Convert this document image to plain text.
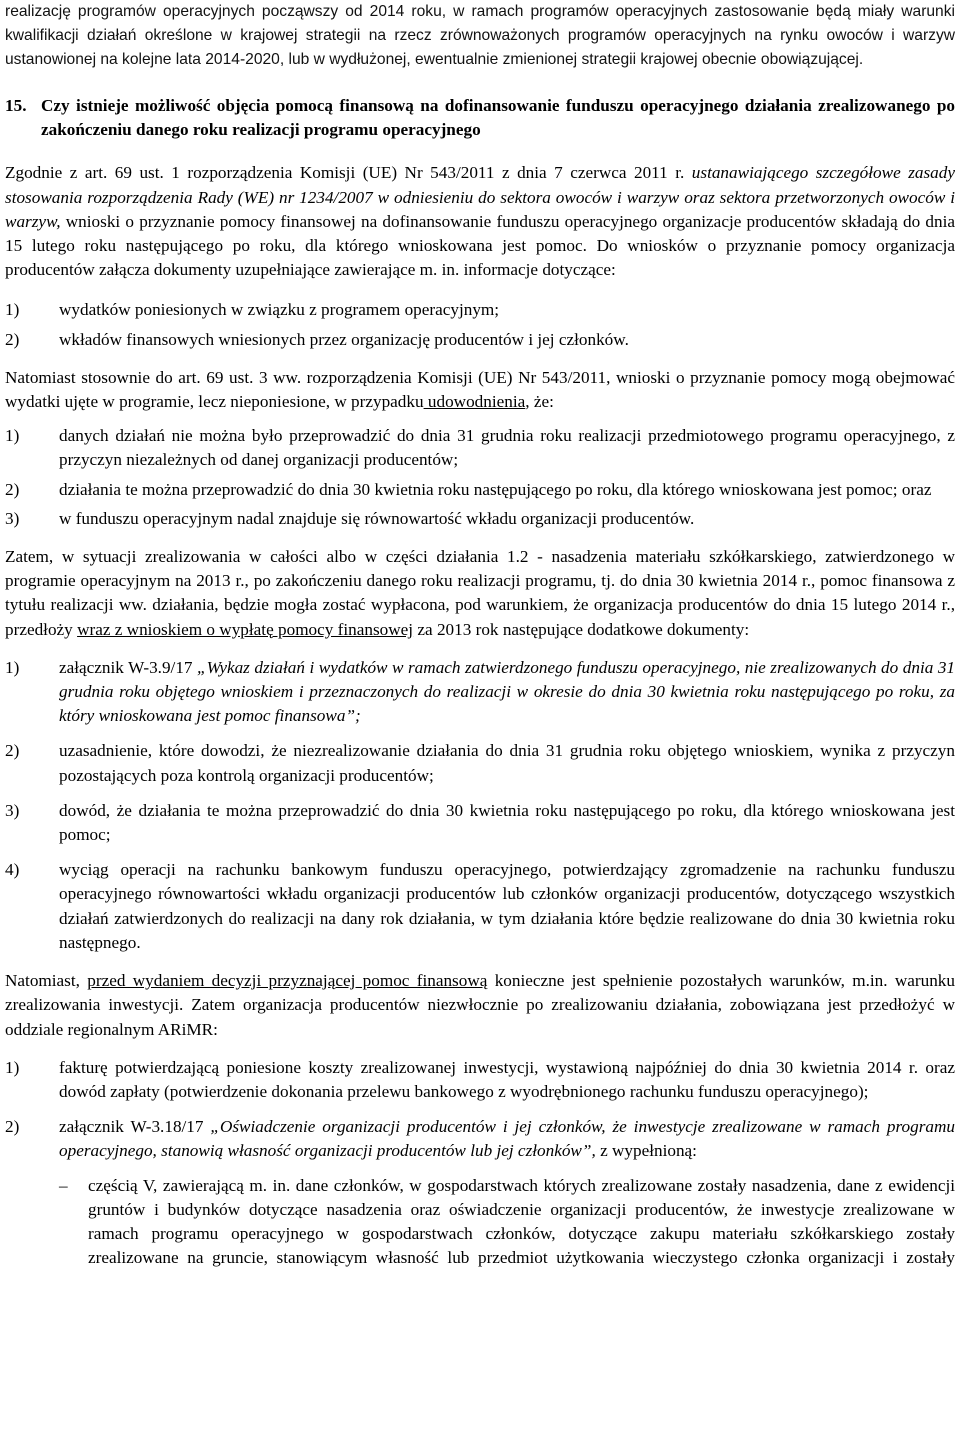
realizację programów operacyjnych począwszy od 2014 roku, w ramach programów operacyjnych zastosowanie będą miały warunki kwalifikacji działań określone w krajowej strategii na rzecz zrównoważonych programów operacyjnych na rynku owoców i warzyw ustanowionej na kolejne lata 2014-2020, lub w wydłużonej, ewentualnie zmienionej strategii krajowej obecnie obowiązującej.

15. Czy istnieje możliwość objęcia pomocą finansową na dofinansowanie funduszu operacyjnego działania zrealizowanego po zakończeniu danego roku realizacji programu operacyjnego

Zgodnie z art. 69 ust. 1 rozporządzenia Komisji (UE) Nr 543/2011 z dnia 7 czerwca 2011 r. ustanawiającego szczegółowe zasady stosowania rozporządzenia Rady (WE) nr 1234/2007 w odniesieniu do sektora owoców i warzyw oraz sektora przetworzonych owoców i warzyw, wnioski o przyznanie pomocy finansowej na dofinansowanie funduszu operacyjnego organizacje producentów składają do dnia 15 lutego roku następującego po roku, dla którego wnioskowana jest pomoc. Do wniosków o przyznanie pomocy organizacja producentów załącza dokumenty uzupełniające zawierające m. in. informacje dotyczące:

1)	wydatków poniesionych w związku z programem operacyjnym;
2)	wkładów finansowych wniesionych przez organizację producentów i jej członków.

Natomiast stosownie do art. 69 ust. 3 ww. rozporządzenia Komisji (UE) Nr 543/2011, wnioski o przyznanie pomocy mogą obejmować wydatki ujęte w programie, lecz nieponiesione, w przypadku udowodnienia, że:

1)	danych działań nie można było przeprowadzić do dnia 31 grudnia roku realizacji przedmiotowego programu operacyjnego, z przyczyn niezależnych od danej organizacji producentów;
2)	działania te można przeprowadzić do dnia 30 kwietnia roku następującego po roku, dla którego wnioskowana jest pomoc; oraz
3)	w funduszu operacyjnym nadal znajduje się równowartość wkładu organizacji producentów.

Zatem, w sytuacji zrealizowania w całości albo w części działania 1.2 - nasadzenia materiału szkółkarskiego, zatwierdzonego w programie operacyjnym na 2013 r., po zakończeniu danego roku realizacji programu, tj. do dnia 30 kwietnia 2014 r., pomoc finansowa z tytułu realizacji ww. działania, będzie mogła zostać wypłacona, pod warunkiem, że organizacja producentów do dnia 15 lutego 2014 r., przedłoży wraz z wnioskiem o wypłatę pomocy finansowej za 2013 rok następujące dodatkowe dokumenty:

1)	załącznik W-3.9/17 „Wykaz działań i wydatków w ramach zatwierdzonego funduszu operacyjnego, nie zrealizowanych do dnia 31 grudnia roku objętego wnioskiem i przeznaczonych do realizacji w okresie do dnia 30 kwietnia roku następującego po roku, za który wnioskowana jest pomoc finansowa”;
2)	uzasadnienie, które dowodzi, że niezrealizowanie działania do dnia 31 grudnia roku objętego wnioskiem, wynika z przyczyn pozostających poza kontrolą organizacji producentów;
3)	dowód, że działania te można przeprowadzić do dnia 30 kwietnia roku następującego po roku, dla którego wnioskowana jest pomoc;
4)	wyciąg operacji na rachunku bankowym funduszu operacyjnego, potwierdzający zgromadzenie na rachunku funduszu operacyjnego równowartości wkładu organizacji producentów lub członków organizacji producentów, dotyczącego wszystkich działań zatwierdzonych do realizacji na dany rok działania, w tym działania które będzie realizowane do dnia 30 kwietnia roku następnego.

Natomiast, przed wydaniem decyzji przyznającej pomoc finansową konieczne jest spełnienie pozostałych warunków, m.in. warunku zrealizowania inwestycji. Zatem organizacja producentów niezwłocznie po zrealizowaniu działania, zobowiązana jest przedłożyć w oddziale regionalnym ARiMR:

1)	fakturę potwierdzającą poniesione koszty zrealizowanej inwestycji, wystawioną najpóźniej do dnia 30 kwietnia 2014 r. oraz dowód zapłaty (potwierdzenie dokonania przelewu bankowego z wyodrębnionego rachunku funduszu operacyjnego);
2)	załącznik W-3.18/17 „Oświadczenie organizacji producentów i jej członków, że inwestycje zrealizowane w ramach programu operacyjnego, stanowią własność organizacji producentów lub jej członków”, z wypełnioną:
–	częścią V, zawierającą m. in. dane członków, w gospodarstwach których zrealizowane zostały nasadzenia, dane z ewidencji gruntów i budynków dotyczące nasadzenia oraz oświadczenie organizacji producentów, że inwestycje zrealizowane w ramach programu operacyjnego w gospodarstwach członków, dotyczące zakupu materiału szkółkarskiego zostały zrealizowane na gruncie, stanowiącym własność lub przedmiot użytkowania wieczystego członka organizacji i zostały
